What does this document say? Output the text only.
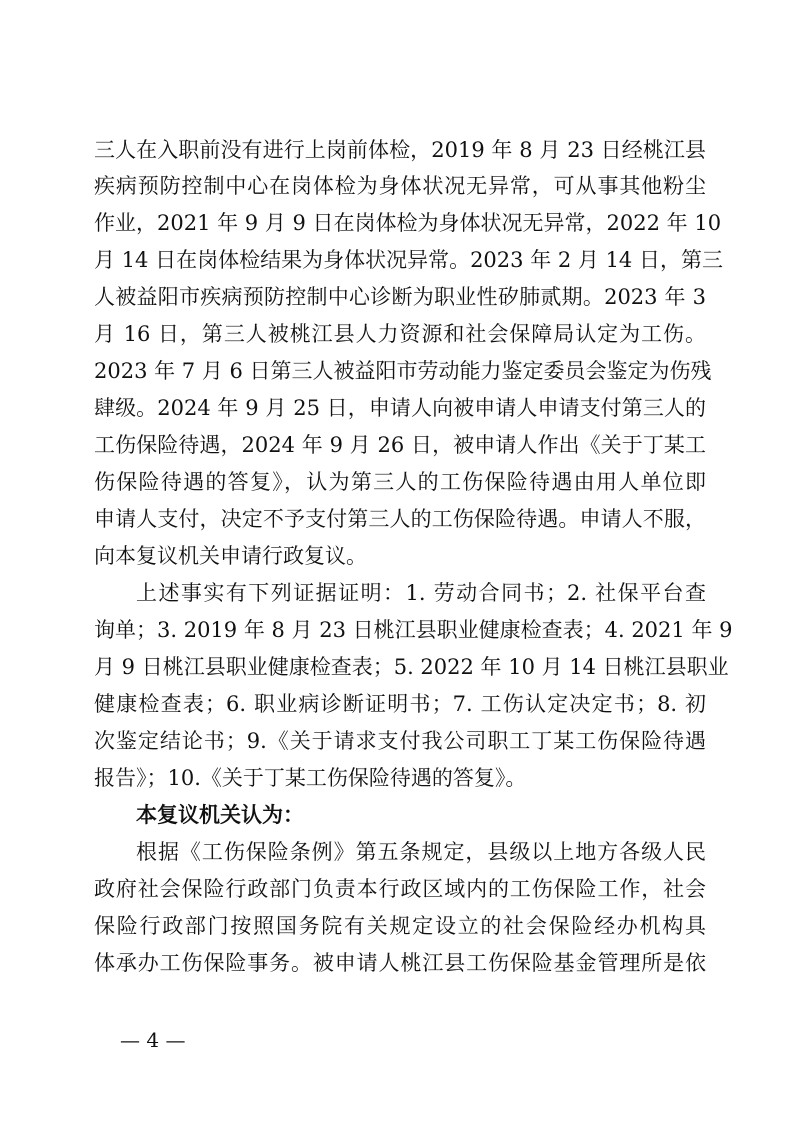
三人在入职前没有进行上岗前体检，2019 年 8 月 23 日经桃江县
疾病预防控制中心在岗体检为身体状况无异常，可从事其他粉尘
作业，2021 年 9 月 9 日在岗体检为身体状况无异常，2022 年 10
月 14 日在岗体检结果为身体状况异常。2023 年 2 月 14 日，第三
人被益阳市疾病预防控制中心诊断为职业性矽肺贰期。2023 年 3
月 16 日，第三人被桃江县人力资源和社会保障局认定为工伤。
2023 年 7 月 6 日第三人被益阳市劳动能力鉴定委员会鉴定为伤残
肆级。2024 年 9 月 25 日，申请人向被申请人申请支付第三人的
工伤保险待遇，2024 年 9 月 26 日，被申请人作出《关于丁某工
伤保险待遇的答复》，认为第三人的工伤保险待遇由用人单位即
申请人支付，决定不予支付第三人的工伤保险待遇。申请人不服，
向本复议机关申请行政复议。
上述事实有下列证据证明：1. 劳动合同书；2. 社保平台查
询单；3. 2019 年 8 月 23 日桃江县职业健康检查表；4. 2021 年 9
月 9 日桃江县职业健康检查表；5. 2022 年 10 月 14 日桃江县职业
健康检查表；6. 职业病诊断证明书；7. 工伤认定决定书；8. 初
次鉴定结论书；9.《关于请求支付我公司职工丁某工伤保险待遇
报告》；10.《关于丁某工伤保险待遇的答复》。
本复议机关认为：
根据《工伤保险条例》第五条规定，县级以上地方各级人民
政府社会保险行政部门负责本行政区域内的工伤保险工作，社会
保险行政部门按照国务院有关规定设立的社会保险经办机构具
体承办工伤保险事务。被申请人桃江县工伤保险基金管理所是依
— 4 —
